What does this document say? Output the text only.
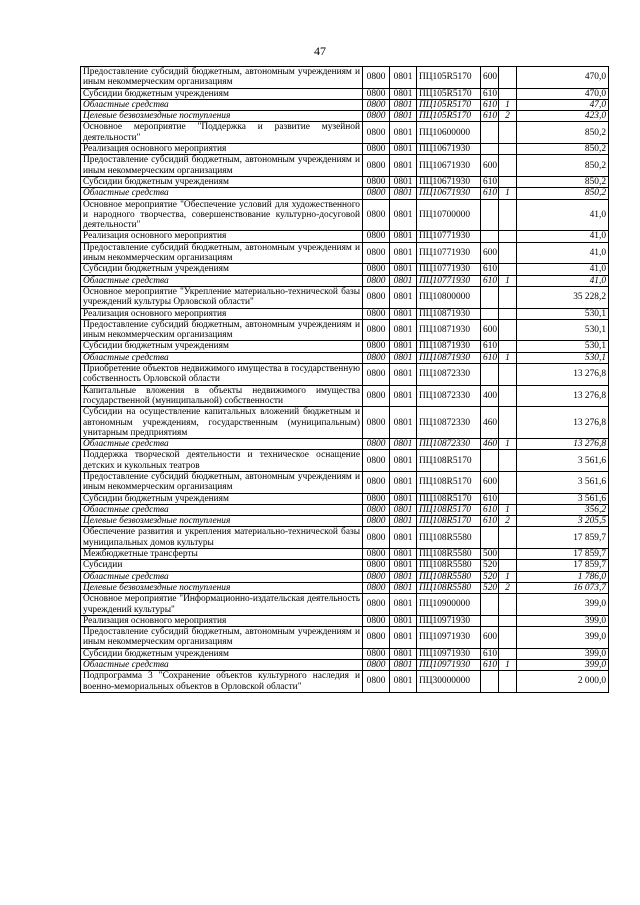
47
Предоставление субсидий бюджетным, автономным учреждениям и иным некоммерческим организациям	0800	0801	ПЦ105R5170	600		470,0
Субсидии бюджетным учреждениям	0800	0801	ПЦ105R5170	610		470,0
Областные средства	0800	0801	ПЦ105R5170	610	1	47,0
Целевые безвозмездные поступления	0800	0801	ПЦ105R5170	610	2	423,0
Основное мероприятие "Поддержка и развитие музейной деятельности"	0800	0801	ПЦ10600000			850,2
Реализация основного мероприятия	0800	0801	ПЦ10671930			850,2
Предоставление субсидий бюджетным, автономным учреждениям и иным некоммерческим организациям	0800	0801	ПЦ10671930	600		850,2
Субсидии бюджетным учреждениям	0800	0801	ПЦ10671930	610		850,2
Областные средства	0800	0801	ПЦ10671930	610	1	850,2
Основное мероприятие "Обеспечение условий для художественного и народного творчества, совершенствование культурно-досуговой деятельности"	0800	0801	ПЦ10700000			41,0
Реализация основного мероприятия	0800	0801	ПЦ10771930			41,0
Предоставление субсидий бюджетным, автономным учреждениям и иным некоммерческим организациям	0800	0801	ПЦ10771930	600		41,0
Субсидии бюджетным учреждениям	0800	0801	ПЦ10771930	610		41,0
Областные средства	0800	0801	ПЦ10771930	610	1	41,0
Основное мероприятие "Укрепление материально-технической базы учреждений культуры Орловской области"	0800	0801	ПЦ10800000			35 228,2
Реализация основного мероприятия	0800	0801	ПЦ10871930			530,1
Предоставление субсидий бюджетным, автономным учреждениям и иным некоммерческим организациям	0800	0801	ПЦ10871930	600		530,1
Субсидии бюджетным учреждениям	0800	0801	ПЦ10871930	610		530,1
Областные средства	0800	0801	ПЦ10871930	610	1	530,1
Приобретение объектов недвижимого имущества в государственную собственность Орловской области	0800	0801	ПЦ10872330			13 276,8
Капитальные вложения в объекты недвижимого имущества государственной (муниципальной) собственности	0800	0801	ПЦ10872330	400		13 276,8
Субсидии на осуществление капитальных вложений бюджетным и автономным учреждениям, государственным (муниципальным) унитарным предприятиям	0800	0801	ПЦ10872330	460		13 276,8
Областные средства	0800	0801	ПЦ10872330	460	1	13 276,8
Поддержка творческой деятельности и техническое оснащение детских и кукольных театров	0800	0801	ПЦ108R5170			3 561,6
Предоставление субсидий бюджетным, автономным учреждениям и иным некоммерческим организациям	0800	0801	ПЦ108R5170	600		3 561,6
Субсидии бюджетным учреждениям	0800	0801	ПЦ108R5170	610		3 561,6
Областные средства	0800	0801	ПЦ108R5170	610	1	356,2
Целевые безвозмездные поступления	0800	0801	ПЦ108R5170	610	2	3 205,5
Обеспечение развития и укрепления материально-технической базы муниципальных домов культуры	0800	0801	ПЦ108R5580			17 859,7
Межбюджетные трансферты	0800	0801	ПЦ108R5580	500		17 859,7
Субсидии	0800	0801	ПЦ108R5580	520		17 859,7
Областные средства	0800	0801	ПЦ108R5580	520	1	1 786,0
Целевые безвозмездные поступления	0800	0801	ПЦ108R5580	520	2	16 073,7
Основное мероприятие "Информационно-издательская деятельность учреждений культуры"	0800	0801	ПЦ10900000			399,0
Реализация основного мероприятия	0800	0801	ПЦ10971930			399,0
Предоставление субсидий бюджетным, автономным учреждениям и иным некоммерческим организациям	0800	0801	ПЦ10971930	600		399,0
Субсидии бюджетным учреждениям	0800	0801	ПЦ10971930	610		399,0
Областные средства	0800	0801	ПЦ10971930	610	1	399,0
Подпрограмма 3 "Сохранение объектов культурного наследия и военно-мемориальных объектов в Орловской области"	0800	0801	ПЦ30000000			2 000,0
